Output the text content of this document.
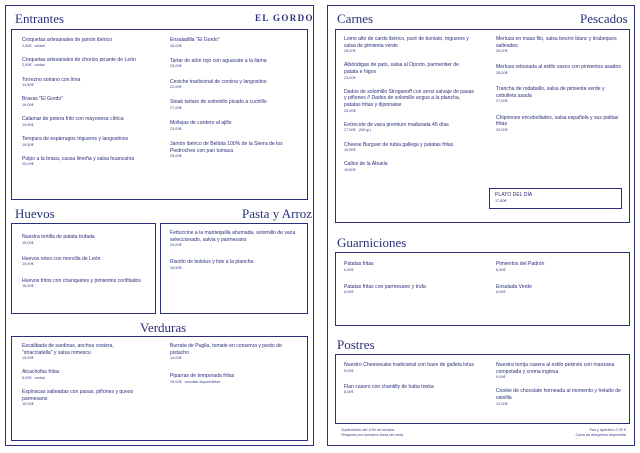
Entrantes	EL GORDO
Croquetas artesanales de jamón ibérico
2,50€ unidad
Croquetas artesanales de chorizo picante de León
2,50€ unidad
Torrezno soriano con lima
14,50€
Bravas "El Gordo"
16,00€
Calamar de potera frito con mayonesa cítrica
19,50€
Tempura de espárragos trigueros y langostinos
19,50€
Pulpo a la brasa, causa limeña y salsa huancaína
25,00€
Ensaladilla "El Gordo"
16,00€
Tartar de atún rojo con aguacate a la llama
25,00€
Ceviche tradicional de corvina y langostino
22,00€
Steak tartare de solomillo picado a cuchillo
27,00€
Mollejas de cordero al ajillo
23,00€
Jamón ibérico de Bellota 100% de la Sierra de los Piedroches con pan tumaca
25,00€
Huevos	Pasta y Arroz
Nuestra tortilla de patata trufada
15,00€
Huevos rotos con morcilla de León
15,00€
Huevos fritos con chanquetes y pimientos confitados
16,00€
Fettuccine a la mantequilla ahumada, solomillo de vaca seleccionado, salvia y parmesano
24,00€
Risotto de boletus y foie a la plancha
18,50€
Verduras
Escalibada de sardinas, anchoa costera, "stracciatella" y salsa romescu
16,00€
Alcachofas fritas
6,00€ unidad
Espinacas salteadas con pasas, piñones y queso parmesano
15,00€
Burrata de Puglia, tomate en conserva y pesto de pistacho
14,00€
Piparras de temporada fritas
15,00€ consultar disponibilidad
Carnes	Pescados
Lomo alto de cardo ibérico, puré de boniato, trigueros y salsa de pimienta verde
28,00€
Albóndigas de pato, salsa al Oporto, parmentier de patata e higos
23,00€
Dados de solomillo Stroganoff con arroz salvaje de pasas y piñones // Dados de solomillo angus a la plancha, patatas fritas y dijonnaise
25,00€
Entrecote de vaca premium madurada 45 días
27,50€ (300 gr.)
Cheese Burguer de rubia gallega y patatas fritas
19,50€
Callos de la Abuela
19,50€
Merluza en masa filo, salsa beurre blanc y tirabeques salteados
26,00€
Merluza rebozada al estilo vasco con pimientos asados
26,00€
Trancha de rodaballo, salsa de pimienta verde y cebolleta asada
27,00€
Chipirones encebollados, salsa española y sus patitas fritas
23,00€
PLATO DEL DÍA
17,50€
Guarniciones
Patatas fritas
6,00€
Patatas fritas con parmesano y trufa
8,00€
Pimientos del Padrón
6,00€
Ensalada Verde
8,00€
Postres
Nuestro Cheesecake tradicional con base de galleta lotus
9,00€
Flan casero con chantilly de haba tonka
8,00€
Nuestra torrija casera al estilo pekinés con manzana compotada y crema inglesa
9,00€
Cookie de chocolate horneada al momento y helado de vainilla
12,00€
Suplemento del 10% en terraza
Pregunta por nuestros fuera de carta
Pan y aperitivo 2,50 €
Carta de alergenos disponible
